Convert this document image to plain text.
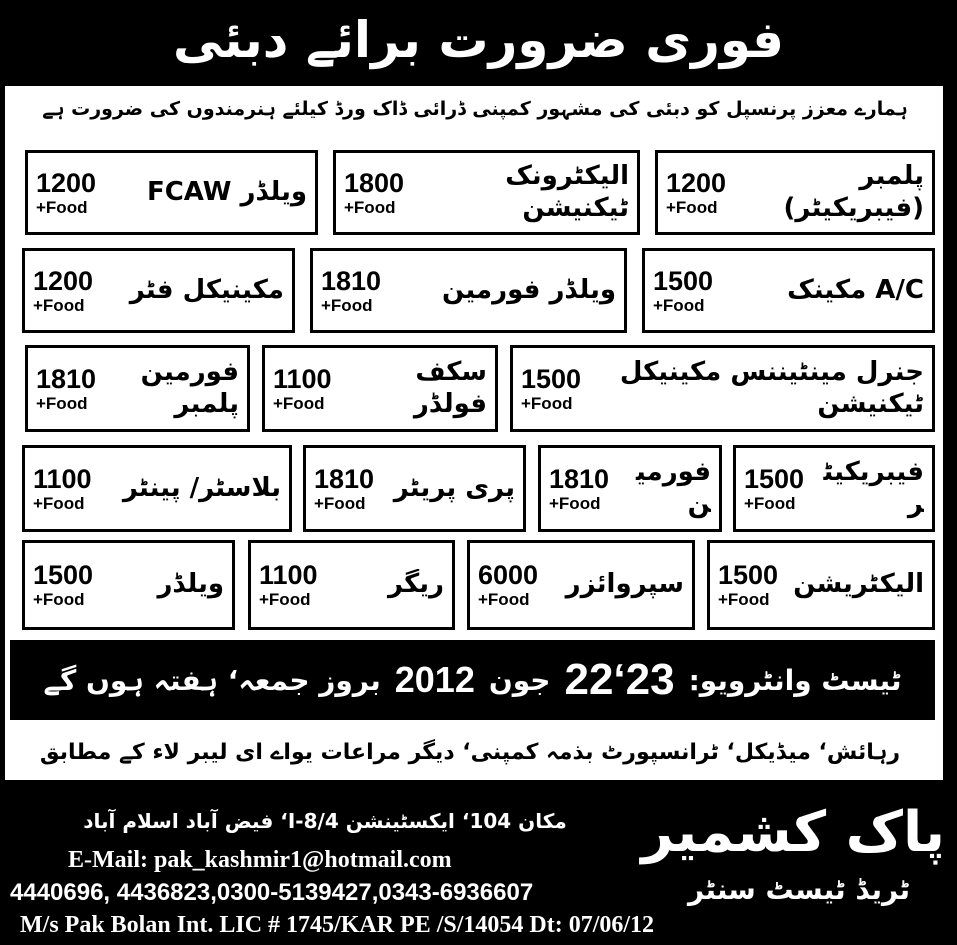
فوری ضرورت برائے دبئی
ہمارے معزز پرنسپل کو دبئی کی مشہور کمپنی ڈرائی ڈاک ورڈ کیلئے ہنرمندوں کی ضرورت ہے
1200
+Food
پلمبر (فیبریکیٹر)
1800
+Food
الیکٹرونک ٹیکنیشن
1200
+Food
ویلڈر FCAW
1500
+Food
A/C مکینک
1810
+Food
ویلڈر فورمین
1200
+Food
مکینیکل فٹر
1500
+Food
جنرل مینٹیننس مکینیکل ٹیکنیشن
1100
+Food
سکف فولڈر
1810
+Food
فورمین پلمبر
1500
+Food
فیبریکیٹر
1810
+Food
فورمین
1810
+Food
پری پریٹر
1100
+Food
بلاسٹر/ پینٹر
1500
+Food
الیکٹریشن
6000
+Food
سپروائزر
1100
+Food
ریگر
1500
+Food
ویلڈر
ٹیسٹ وانٹرویو:
22‘23
جون
2012
بروز جمعہ‘ ہفتہ ہوں گے
رہائش‘ میڈیکل‘ ٹرانسپورٹ بذمہ کمپنی‘ دیگر مراعات یواے ای لیبر لاء کے مطابق
مکان 104‘ ایکسٹینشن I-8/4‘ فیض آباد اسلام آباد
E-Mail: pak_kashmir1@hotmail.com
4440696, 4436823,0300-5139427,0343-6936607
M/s Pak Bolan Int. LIC # 1745/KAR PE /S/14054 Dt: 07/06/12
پاک کشمیر
ٹریڈ ٹیسٹ سنٹر
